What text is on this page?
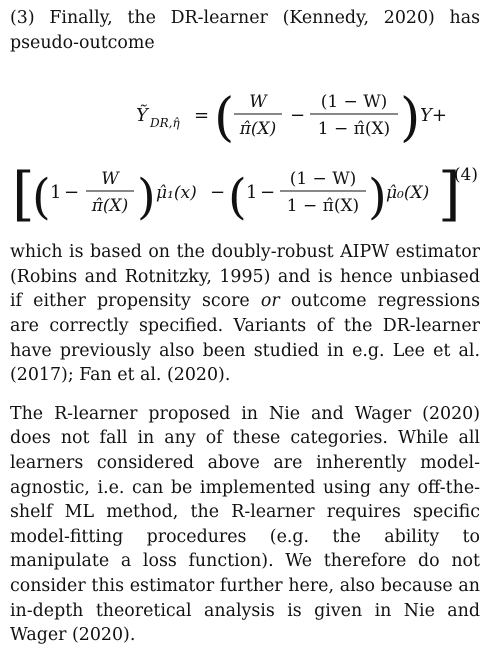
(3) Finally, the DR-learner (Kennedy, 2020) has pseudo-outcome

Ỹ DR,η̂ = ( W
π̂(X)
−
(1 − W)
1 − π̂(X) ) Y+
[
( 1 −
W
π̂(X) ) μ̂₁(x) − ( 1 −
(1 − W)
1 − π̂(X) ) μ̂₀(X) ]
(4)

which is based on the doubly-robust AIPW estimator (Robins and Rotnitzky, 1995) and is hence unbiased if either propensity score or outcome regressions are correctly specified. Variants of the DR-learner have previously also been studied in e.g. Lee et al. (2017); Fan et al. (2020).

The R-learner proposed in Nie and Wager (2020) does not fall in any of these categories. While all learners considered above are inherently model-agnostic, i.e. can be implemented using any off-the-shelf ML method, the R-learner requires specific model-fitting procedures (e.g. the ability to manipulate a loss function). We therefore do not consider this estimator further here, also because an in-depth theoretical analysis is given in Nie and Wager (2020).
